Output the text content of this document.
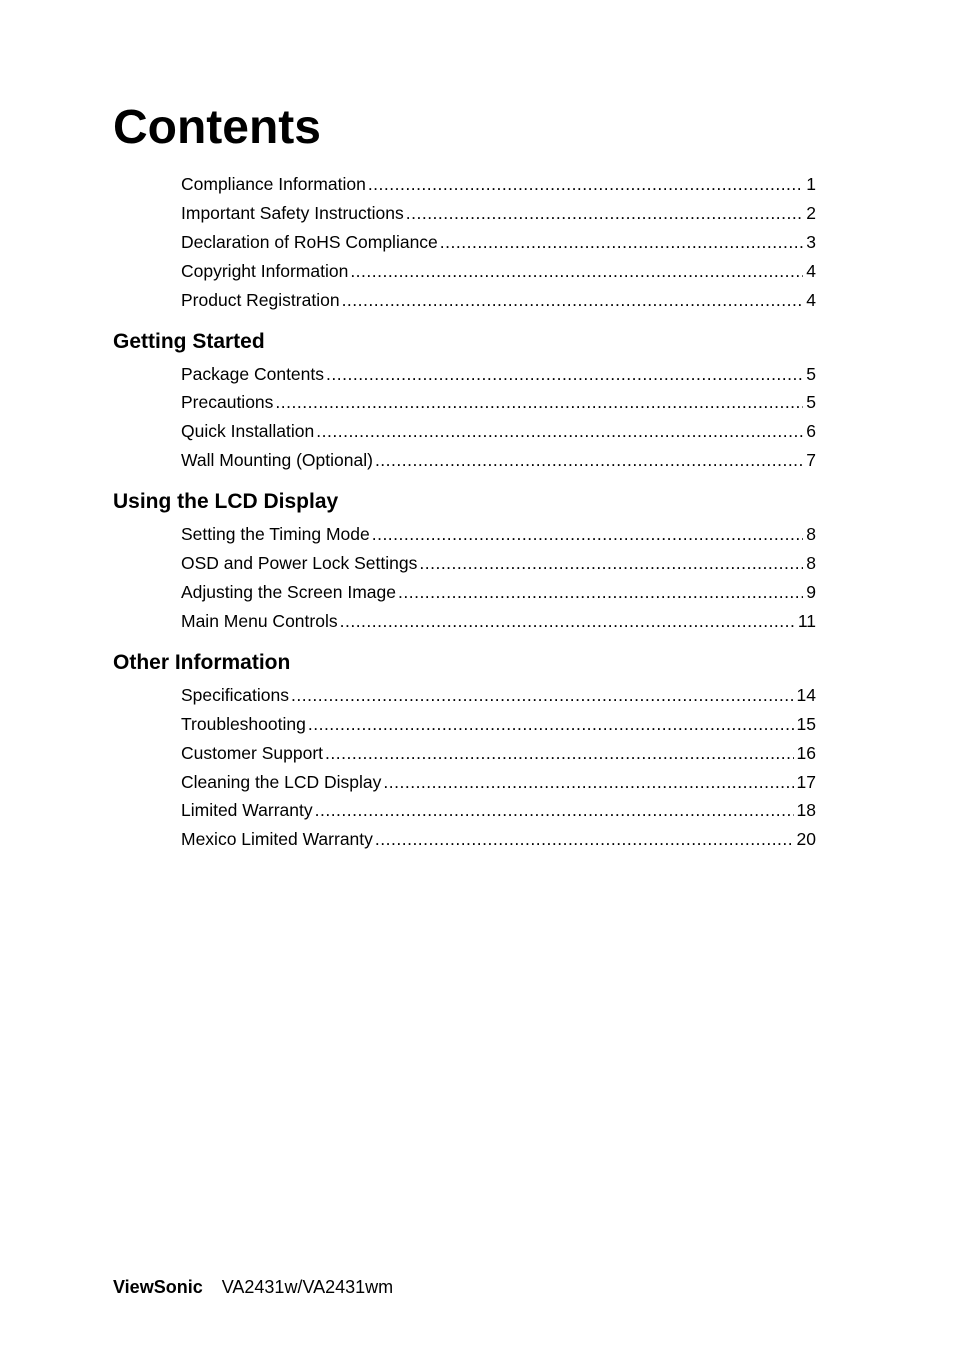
Contents
Compliance Information .....	1
Important Safety Instructions .....	2
Declaration of RoHS Compliance .....	3
Copyright Information .....	4
Product Registration .....	4
Getting Started
Package Contents .....	5
Precautions .....	5
Quick Installation .....	6
Wall Mounting (Optional) .....	7
Using the LCD Display
Setting the Timing Mode .....	8
OSD and Power Lock Settings .....	8
Adjusting the Screen Image .....	9
Main Menu Controls .....	11
Other Information
Specifications .....	14
Troubleshooting .....	15
Customer Support .....	16
Cleaning the LCD Display .....	17
Limited Warranty .....	18
Mexico Limited Warranty .....	20
ViewSonic VA2431w/VA2431wm
